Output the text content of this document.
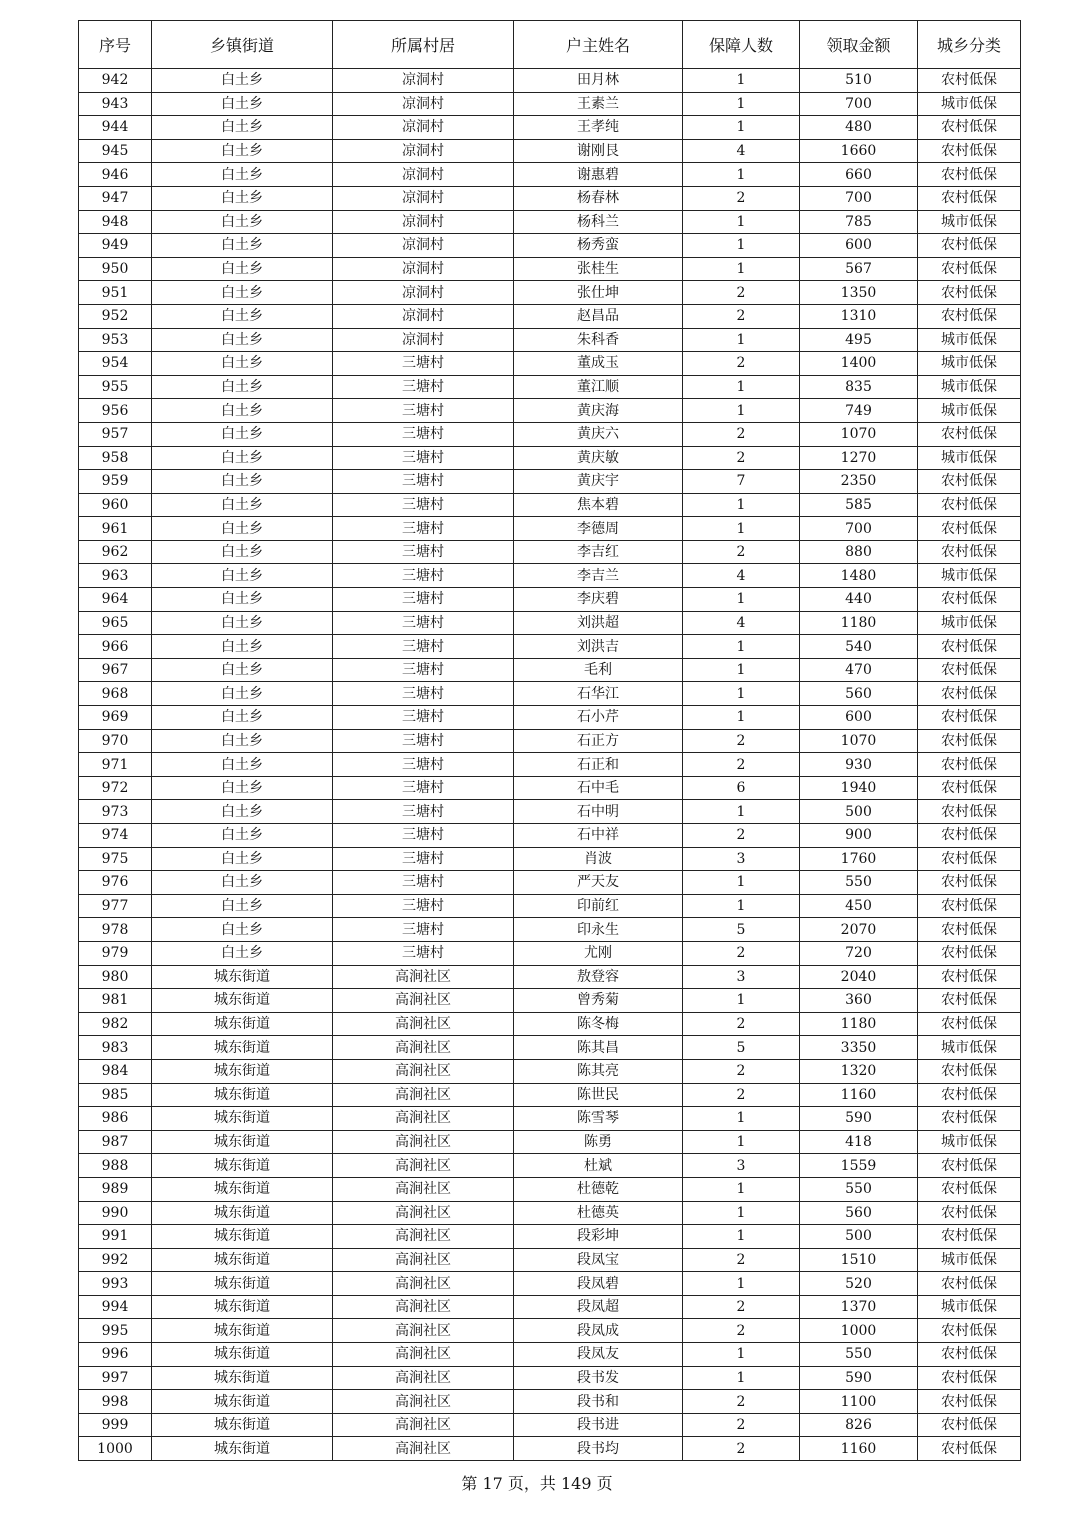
序号	乡镇街道	所属村居	户主姓名	保障人数	领取金额	城乡分类
942	白土乡	凉洞村	田月林	1	510	农村低保
943	白土乡	凉洞村	王素兰	1	700	城市低保
944	白土乡	凉洞村	王孝纯	1	480	农村低保
945	白土乡	凉洞村	谢刚艮	4	1660	农村低保
946	白土乡	凉洞村	谢惠碧	1	660	农村低保
947	白土乡	凉洞村	杨春林	2	700	农村低保
948	白土乡	凉洞村	杨科兰	1	785	城市低保
949	白土乡	凉洞村	杨秀蛮	1	600	农村低保
950	白土乡	凉洞村	张桂生	1	567	农村低保
951	白土乡	凉洞村	张仕坤	2	1350	农村低保
952	白土乡	凉洞村	赵昌品	2	1310	农村低保
953	白土乡	凉洞村	朱科香	1	495	城市低保
954	白土乡	三塘村	董成玉	2	1400	城市低保
955	白土乡	三塘村	董江顺	1	835	城市低保
956	白土乡	三塘村	黄庆海	1	749	城市低保
957	白土乡	三塘村	黄庆六	2	1070	农村低保
958	白土乡	三塘村	黄庆敏	2	1270	城市低保
959	白土乡	三塘村	黄庆宇	7	2350	农村低保
960	白土乡	三塘村	焦本碧	1	585	农村低保
961	白土乡	三塘村	李德周	1	700	农村低保
962	白土乡	三塘村	李吉红	2	880	农村低保
963	白土乡	三塘村	李吉兰	4	1480	城市低保
964	白土乡	三塘村	李庆碧	1	440	农村低保
965	白土乡	三塘村	刘洪超	4	1180	城市低保
966	白土乡	三塘村	刘洪吉	1	540	农村低保
967	白土乡	三塘村	毛利	1	470	农村低保
968	白土乡	三塘村	石华江	1	560	农村低保
969	白土乡	三塘村	石小芹	1	600	农村低保
970	白土乡	三塘村	石正方	2	1070	农村低保
971	白土乡	三塘村	石正和	2	930	农村低保
972	白土乡	三塘村	石中毛	6	1940	农村低保
973	白土乡	三塘村	石中明	1	500	农村低保
974	白土乡	三塘村	石中祥	2	900	农村低保
975	白土乡	三塘村	肖波	3	1760	农村低保
976	白土乡	三塘村	严天友	1	550	农村低保
977	白土乡	三塘村	印前红	1	450	农村低保
978	白土乡	三塘村	印永生	5	2070	农村低保
979	白土乡	三塘村	尤刚	2	720	农村低保
980	城东街道	高涧社区	敖登容	3	2040	农村低保
981	城东街道	高涧社区	曾秀菊	1	360	农村低保
982	城东街道	高涧社区	陈冬梅	2	1180	农村低保
983	城东街道	高涧社区	陈其昌	5	3350	城市低保
984	城东街道	高涧社区	陈其亮	2	1320	农村低保
985	城东街道	高涧社区	陈世民	2	1160	农村低保
986	城东街道	高涧社区	陈雪琴	1	590	农村低保
987	城东街道	高涧社区	陈勇	1	418	城市低保
988	城东街道	高涧社区	杜斌	3	1559	农村低保
989	城东街道	高涧社区	杜德乾	1	550	农村低保
990	城东街道	高涧社区	杜德英	1	560	农村低保
991	城东街道	高涧社区	段彩坤	1	500	农村低保
992	城东街道	高涧社区	段凤宝	2	1510	城市低保
993	城东街道	高涧社区	段凤碧	1	520	农村低保
994	城东街道	高涧社区	段凤超	2	1370	城市低保
995	城东街道	高涧社区	段凤成	2	1000	农村低保
996	城东街道	高涧社区	段凤友	1	550	农村低保
997	城东街道	高涧社区	段书发	1	590	农村低保
998	城东街道	高涧社区	段书和	2	1100	农村低保
999	城东街道	高涧社区	段书进	2	826	农村低保
1000	城东街道	高涧社区	段书均	2	1160	农村低保
第 17 页，共 149 页
